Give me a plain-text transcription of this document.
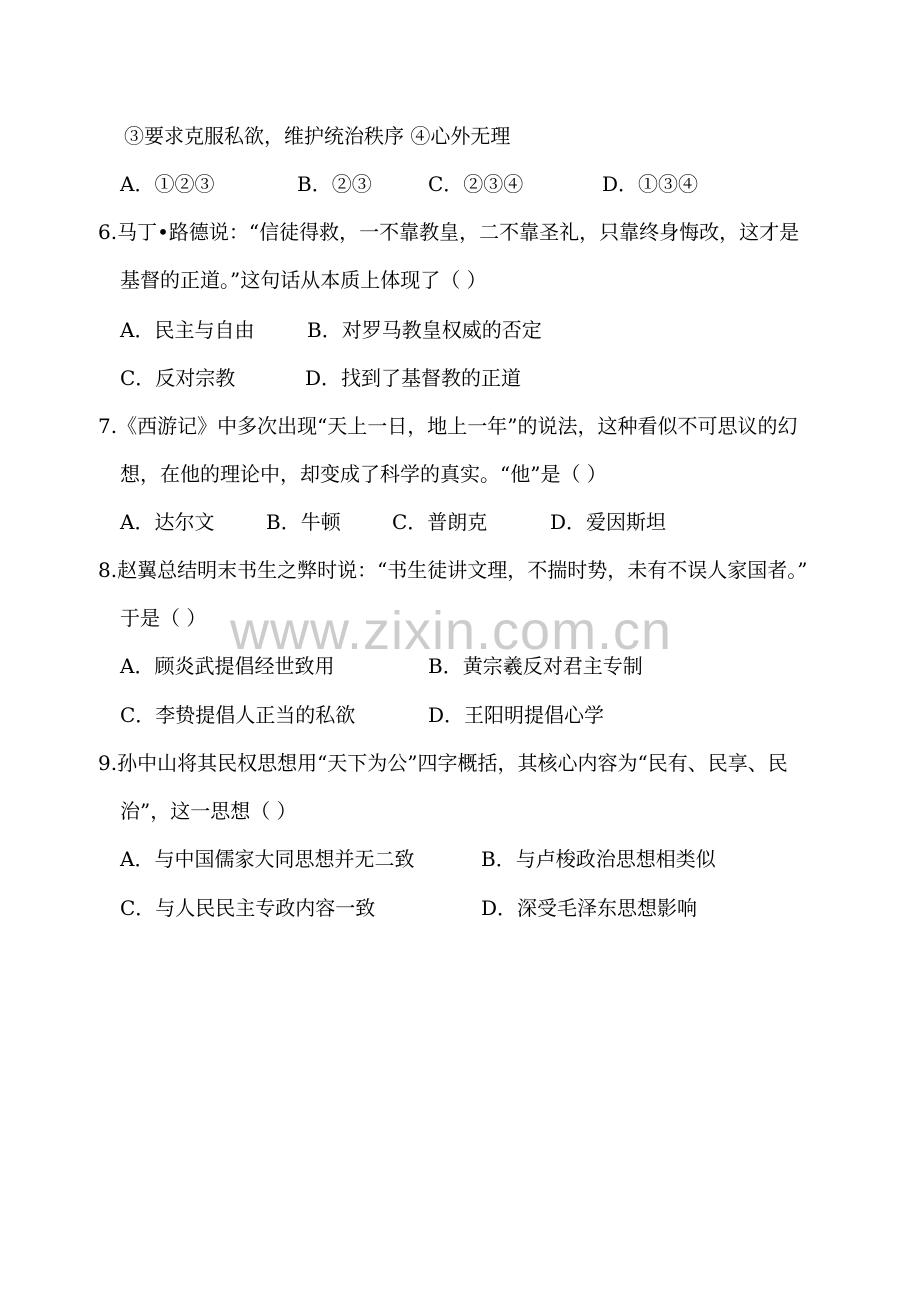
www.zixin.com.cn
③要求克服私欲，维护统治秩序 ④心外无理
A．①②③	B．②③	C．②③④	D．①③④
6.马丁•路德说：“信徒得救，一不靠教皇，二不靠圣礼，只靠终身悔改，这才是
基督的正道。”这句话从本质上体现了（ ）
A．民主与自由	B．对罗马教皇权威的否定
C．反对宗教	D．找到了基督教的正道
7.《西游记》中多次出现“天上一日，地上一年”的说法，这种看似不可思议的幻
想，在他的理论中，却变成了科学的真实。“他”是（ ）
A．达尔文	B．牛顿	C．普朗克	D．爱因斯坦
8.赵翼总结明末书生之弊时说：“书生徒讲文理，不揣时势，未有不误人家国者。”
于是（ ）
A．顾炎武提倡经世致用	B．黄宗羲反对君主专制
C．李贽提倡人正当的私欲	D．王阳明提倡心学
9.孙中山将其民权思想用“天下为公”四字概括，其核心内容为“民有、民享、民
治”，这一思想（ ）
A．与中国儒家大同思想并无二致	B．与卢梭政治思想相类似
C．与人民民主专政内容一致	D．深受毛泽东思想影响
